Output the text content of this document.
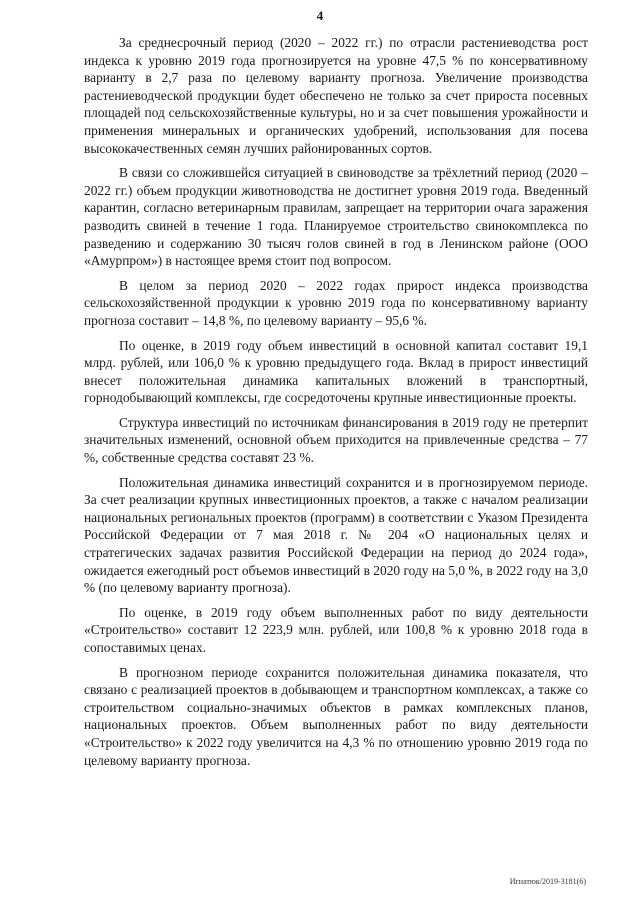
4

За среднесрочный период (2020 – 2022 гг.) по отрасли растениеводства рост индекса к уровню 2019 года прогнозируется на уровне 47,5 % по консервативному варианту в 2,7 раза по целевому варианту прогноза. Увеличение производства растениеводческой продукции будет обеспечено не только за счет прироста посевных площадей под сельскохозяйственные культуры, но и за счет повышения урожайности и применения минеральных и органических удобрений, использования для посева высококачественных семян лучших районированных сортов.

В связи со сложившейся ситуацией в свиноводстве за трёхлетний период (2020 – 2022 гг.) объем продукции животноводства не достигнет уровня 2019 года. Введенный карантин, согласно ветеринарным правилам, запрещает на территории очага заражения разводить свиней в течение 1 года. Планируемое строительство свинокомплекса по разведению и содержанию 30 тысяч голов свиней в год в Ленинском районе (ООО «Амурпром») в настоящее время стоит под вопросом.

В целом за период 2020 – 2022 годах прирост индекса производства сельскохозяйственной продукции к уровню 2019 года по консервативному варианту прогноза составит – 14,8 %, по целевому варианту – 95,6 %.

По оценке, в 2019 году объем инвестиций в основной капитал составит 19,1 млрд. рублей, или 106,0 % к уровню предыдущего года. Вклад в прирост инвестиций внесет положительная динамика капитальных вложений в транспортный, горнодобывающий комплексы, где сосредоточены крупные инвестиционные проекты.

Структура инвестиций по источникам финансирования в 2019 году не претерпит значительных изменений, основной объем приходится на привлеченные средства – 77 %, собственные средства составят 23 %.

Положительная динамика инвестиций сохранится и в прогнозируемом периоде. За счет реализации крупных инвестиционных проектов, а также с началом реализации национальных региональных проектов (программ) в соответствии с Указом Президента Российской Федерации от 7 мая 2018 г. № 204 «О национальных целях и стратегических задачах развития Российской Федерации на период до 2024 года», ожидается ежегодный рост объемов инвестиций в 2020 году на 5,0 %, в 2022 году на 3,0 % (по целевому варианту прогноза).

По оценке, в 2019 году объем выполненных работ по виду деятельности «Строительство» составит 12 223,9 млн. рублей, или 100,8 % к уровню 2018 года в сопоставимых ценах.

В прогнозном периоде сохранится положительная динамика показателя, что связано с реализацией проектов в добывающем и транспортном комплексах, а также со строительством социально-значимых объектов в рамках комплексных планов, национальных проектов. Объем выполненных работ по виду деятельности «Строительство» к 2022 году увеличится на 4,3 % по отношению уровню 2019 года по целевому варианту прогноза.

Игнатюк/2019-3181(6)
